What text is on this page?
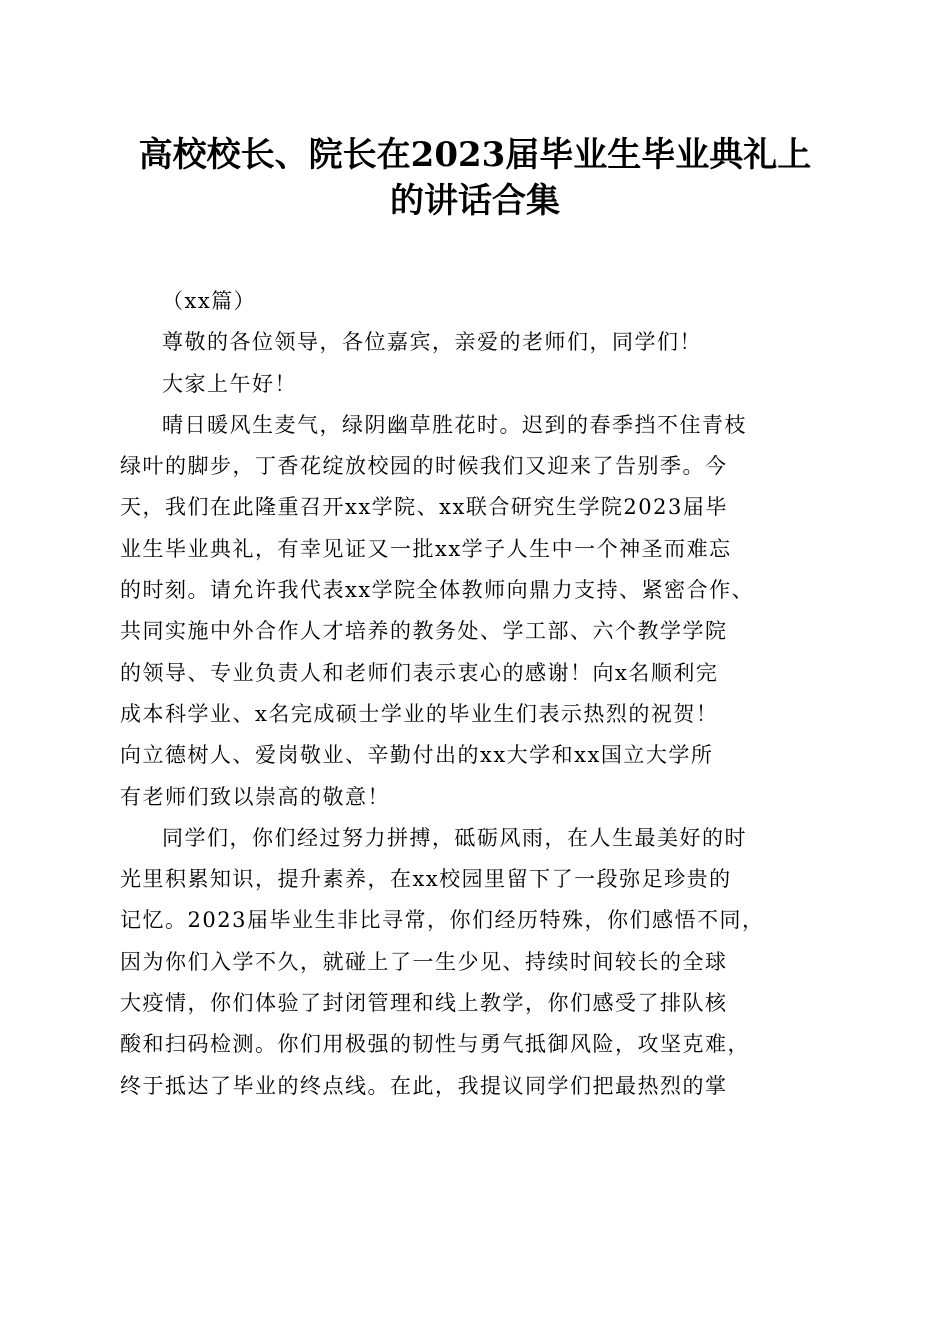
高校校长、院长在2023届毕业生毕业典礼上
的讲话合集
（xx篇）
尊敬的各位领导，各位嘉宾，亲爱的老师们，同学们！
大家上午好！
晴日暖风生麦气，绿阴幽草胜花时。迟到的春季挡不住青枝
绿叶的脚步，丁香花绽放校园的时候我们又迎来了告别季。今
天，我们在此隆重召开xx学院、xx联合研究生学院2023届毕
业生毕业典礼，有幸见证又一批xx学子人生中一个神圣而难忘
的时刻。请允许我代表xx学院全体教师向鼎力支持、紧密合作、
共同实施中外合作人才培养的教务处、学工部、六个教学学院
的领导、专业负责人和老师们表示衷心的感谢！向x名顺利完
成本科学业、x名完成硕士学业的毕业生们表示热烈的祝贺！
向立德树人、爱岗敬业、辛勤付出的xx大学和xx国立大学所
有老师们致以崇高的敬意！
同学们，你们经过努力拼搏，砥砺风雨，在人生最美好的时
光里积累知识，提升素养，在xx校园里留下了一段弥足珍贵的
记忆。2023届毕业生非比寻常，你们经历特殊，你们感悟不同，
因为你们入学不久，就碰上了一生少见、持续时间较长的全球
大疫情，你们体验了封闭管理和线上教学，你们感受了排队核
酸和扫码检测。你们用极强的韧性与勇气抵御风险，攻坚克难，
终于抵达了毕业的终点线。在此，我提议同学们把最热烈的掌
